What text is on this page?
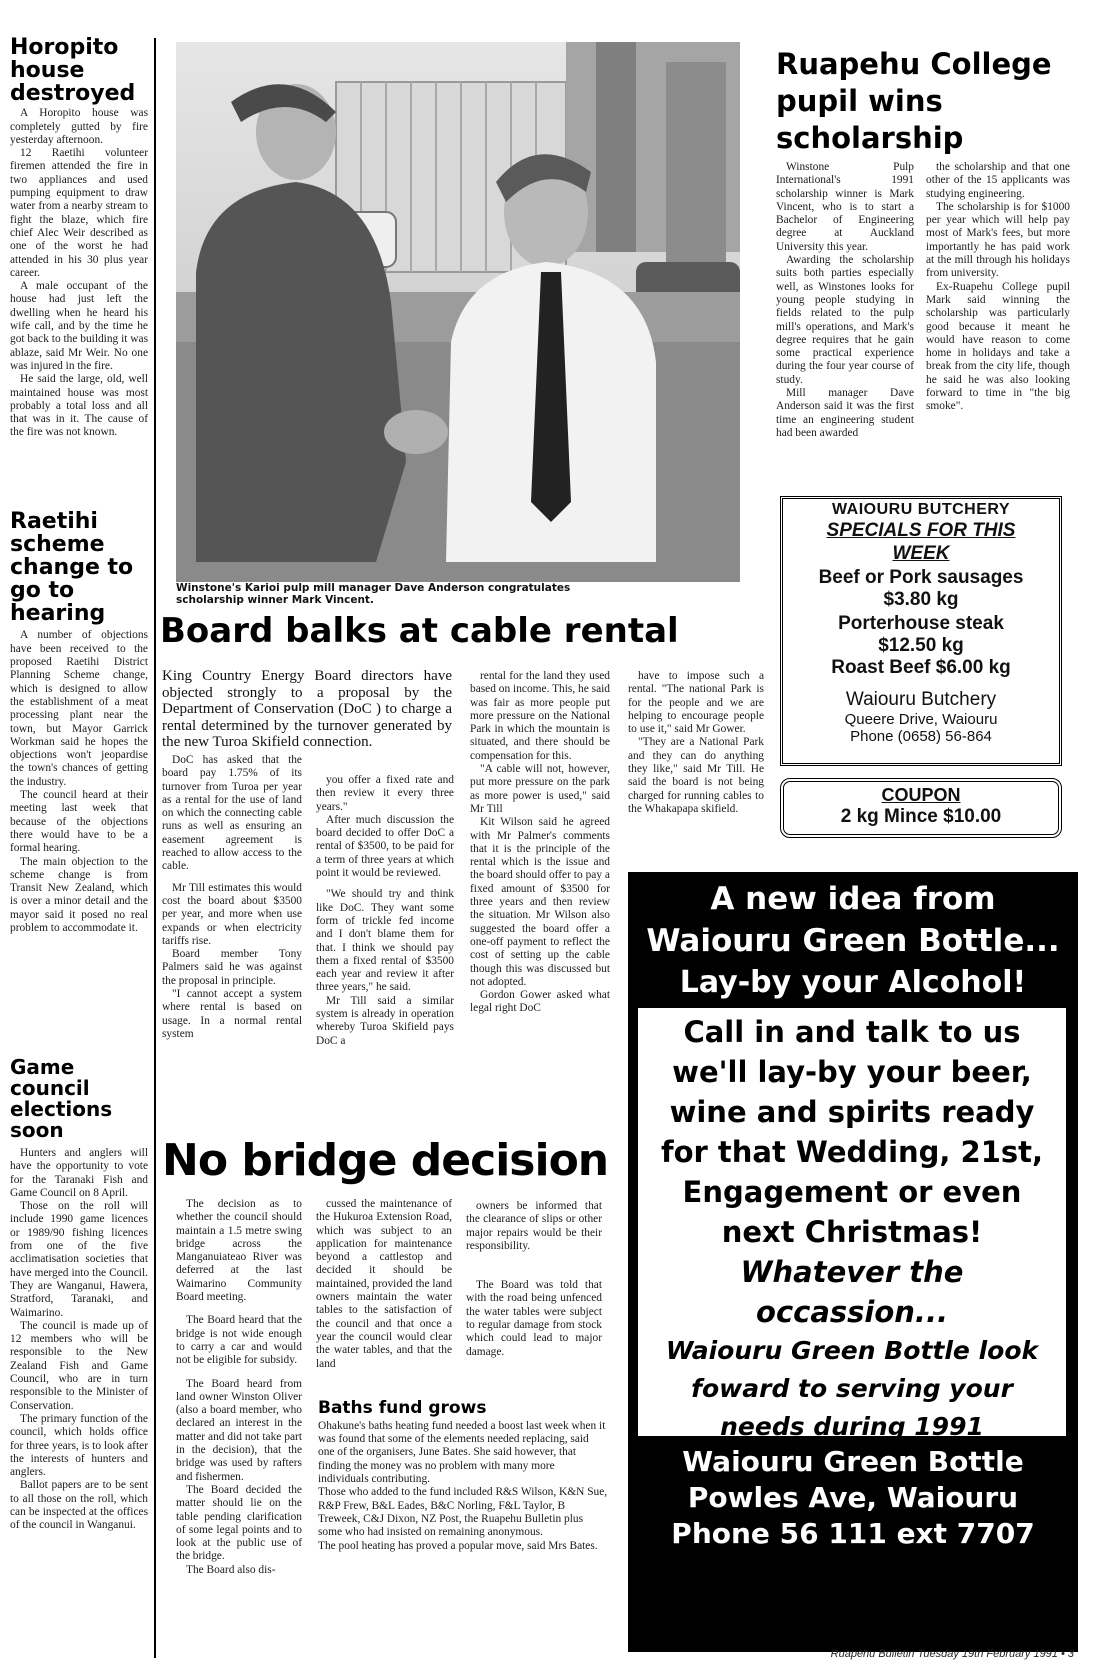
Horopito house destroyed

A Horopito house was completely gutted by fire yesterday afternoon.

12 Raetihi volunteer firemen attended the fire in two appliances and used pumping equipment to draw water from a nearby stream to fight the blaze, which fire chief Alec Weir described as one of the worst he had attended in his 30 plus year career.

A male occupant of the house had just left the dwelling when he heard his wife call, and by the time he got back to the building it was ablaze, said Mr Weir. No one was injured in the fire.

He said the large, old, well maintained house was most probably a total loss and all that was in it. The cause of the fire was not known.

Raetihi scheme change to go to hearing

A number of objections have been received to the proposed Raetihi District Planning Scheme change, which is designed to allow the establishment of a meat processing plant near the town, but Mayor Garrick Workman said he hopes the objections won't jeopardise the town's chances of getting the industry.

The council heard at their meeting last week that because of the objections there would have to be a formal hearing.

The main objection to the scheme change is from Transit New Zealand, which is over a minor detail and the mayor said it posed no real problem to accommodate it.

Game council elections soon

Hunters and anglers will have the opportunity to vote for the Taranaki Fish and Game Council on 8 April.

Those on the roll will include 1990 game licences or 1989/90 fishing licences from one of the five acclimatisation societies that have merged into the Council. They are Wanganui, Hawera, Stratford, Taranaki, and Waimarino.

The council is made up of 12 members who will be responsible to the New Zealand Fish and Game Council, who are in turn responsible to the Minister of Conservation.

The primary function of the council, which holds office for three years, is to look after the interests of hunters and anglers.

Ballot papers are to be sent to all those on the roll, which can be inspected at the offices of the council in Wanganui.

Winstone's Karioi pulp mill manager Dave Anderson congratulates scholarship winner Mark Vincent.
Ruapehu College pupil wins scholarship

Winstone Pulp International's 1991 scholarship winner is Mark Vincent, who is to start a Bachelor of Engineering degree at Auckland University this year.

Awarding the scholarship suits both parties especially well, as Winstones looks for young people studying in fields related to the pulp mill's operations, and Mark's degree requires that he gain some practical experience during the four year course of study.

Mill manager Dave Anderson said it was the first time an engineering student had been awarded

the scholarship and that one other of the 15 applicants was studying engineering.

The scholarship is for $1000 per year which will help pay most of Mark's fees, but more importantly he has paid work at the mill through his holidays from university.

Ex-Ruapehu College pupil Mark said winning the scholarship was particularly good because it meant he would have reason to come home in holidays and take a break from the city life, though he said he was also looking forward to time in "the big smoke".

Board balks at cable rental
King Country Energy Board directors have objected strongly to a proposal by the Department of Conservation (DoC ) to charge a rental determined by the turnover generated by the new Turoa Skifield connection.

DoC has asked that the board pay 1.75% of its turnover from Turoa per year as a rental for the use of land on which the connecting cable runs as well as ensuring an easement agreement is reached to allow access to the cable.

Mr Till estimates this would cost the board about $3500 per year, and more when use expands or when electricity tariffs rise.

Board member Tony Palmers said he was against the proposal in principle.

"I cannot accept a system where rental is based on usage. In a normal rental system

you offer a fixed rate and then review it every three years."

After much discussion the board decided to offer DoC a rental of $3500, to be paid for a term of three years at which point it would be reviewed.

"We should try and think like DoC. They want some form of trickle fed income and I don't blame them for that. I think we should pay them a fixed rental of $3500 each year and review it after three years," he said.

Mr Till said a similar system is already in operation whereby Turoa Skifield pays DoC a

rental for the land they used based on income. This, he said was fair as more people put more pressure on the National Park in which the mountain is situated, and there should be compensation for this.

"A cable will not, however, put more pressure on the park as more power is used," said Mr Till

Kit Wilson said he agreed with Mr Palmer's comments that it is the principle of the rental which is the issue and the board should offer to pay a fixed amount of $3500 for three years and then review the situation. Mr Wilson also suggested the board offer a one-off payment to reflect the cost of setting up the cable though this was discussed but not adopted.

Gordon Gower asked what legal right DoC

have to impose such a rental. "The national Park is for the people and we are helping to encourage people to use it," said Mr Gower.

"They are a National Park and they can do anything they like," said Mr Till. He said the board is not being charged for running cables to the Whakapapa skifield.

No bridge decision

The decision as to whether the council should maintain a 1.5 metre swing bridge across the Manganuiateao River was deferred at the last Waimarino Community Board meeting.

The Board heard that the bridge is not wide enough to carry a car and would not be eligible for subsidy.

The Board heard from land owner Winston Oliver (also a board member, who declared an interest in the matter and did not take part in the decision), that the bridge was used by rafters and fishermen.

The Board decided the matter should lie on the table pending clarification of some legal points and to look at the public use of the bridge.

The Board also dis-

cussed the maintenance of the Hukuroa Extension Road, which was subject to an application for maintenance beyond a cattlestop and decided it should be maintained, provided the land owners maintain the water tables to the satisfaction of the council and that once a year the council would clear the water tables, and that the land

owners be informed that the clearance of slips or other major repairs would be their responsibility.

The Board was told that with the road being unfenced the water tables were subject to regular damage from stock which could lead to major damage.

Baths fund grows

Ohakune's baths heating fund needed a boost last week when it was found that some of the elements needed replacing, said one of the organisers, June Bates. She said however, that finding the money was no problem with many more individuals contributing.

Those who added to the fund included R&S Wilson, K&N Sue, R&P Frew, B&L Eades, B&C Norling, F&L Taylor, B Treweek, C&J Dixon, NZ Post, the Ruapehu Bulletin plus some who had insisted on remaining anonymous.

The pool heating has proved a popular move, said Mrs Bates.

WAIOURU BUTCHERY
SPECIALS FOR THIS WEEK
Beef or Pork sausages
$3.80 kg
Porterhouse steak
$12.50 kg
Roast Beef $6.00 kg
Waiouru Butchery
Queere Drive, Waiouru
Phone (0658) 56-864
COUPON
2 kg Mince $10.00
A new idea from Waiouru Green Bottle...
Lay-by your Alcohol!
Call in and talk to us we'll lay-by your beer, wine and spirits ready for that Wedding, 21st, Engagement or even next Christmas!
Whatever the occassion...
Waiouru Green Bottle look foward to serving your needs during 1991
Waiouru Green Bottle
Powles Ave, Waiouru
Phone 56 111 ext 7707
Ruapehu Bulletin Tuesday 19th February 1991 • 3
